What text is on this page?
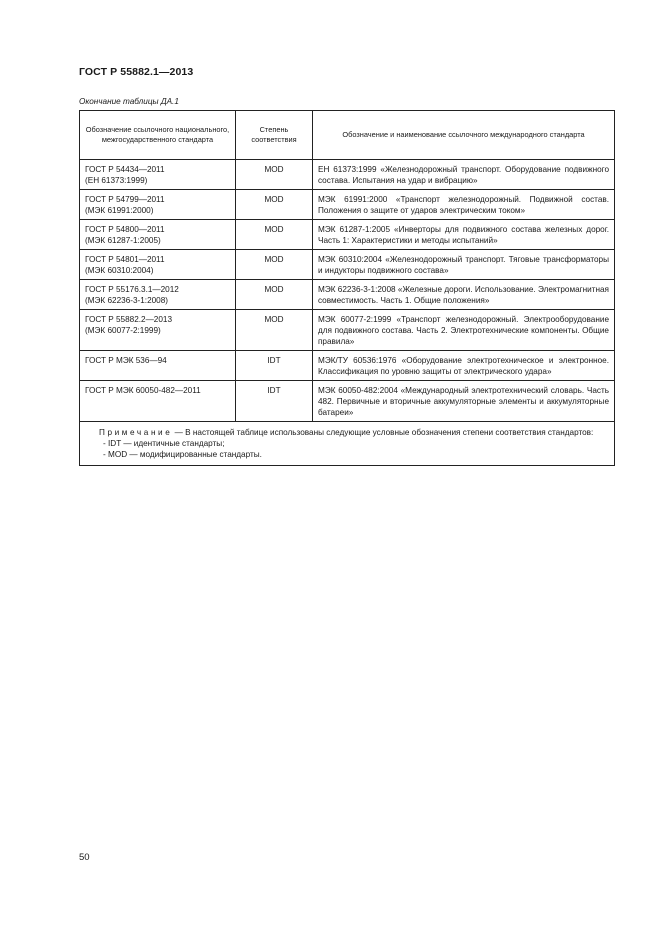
ГОСТ Р 55882.1—2013
Окончание таблицы ДА.1
Обозначение ссылочного национального, межгосударственного стандарта	Степень соответствия	Обозначение и наименование ссылочного международного стандарта
ГОСТ Р 54434—2011
(ЕН 61373:1999)	MOD	ЕН 61373:1999 «Железнодорожный транспорт. Оборудование подвижного состава. Испытания на удар и вибрацию»
ГОСТ Р 54799—2011
(МЭК 61991:2000)	MOD	МЭК 61991:2000 «Транспорт железнодорожный. Подвижной состав. Положения о защите от ударов электрическим током»
ГОСТ Р 54800—2011
(МЭК 61287-1:2005)	MOD	МЭК 61287-1:2005 «Инверторы для подвижного состава железных дорог. Часть 1: Характеристики и методы испытаний»
ГОСТ Р 54801—2011
(МЭК 60310:2004)	MOD	МЭК 60310:2004 «Железнодорожный транспорт. Тяговые трансформаторы и индукторы подвижного состава»
ГОСТ Р 55176.3.1—2012
(МЭК 62236-3-1:2008)	MOD	МЭК 62236-3-1:2008 «Железные дороги. Использование. Электромагнитная совместимость. Часть 1. Общие положения»
ГОСТ Р 55882.2—2013
(МЭК 60077-2:1999)	MOD	МЭК 60077-2:1999 «Транспорт железнодорожный. Электрооборудование для подвижного состава. Часть 2. Электротехнические компоненты. Общие правила»
ГОСТ Р МЭК 536—94	IDT	МЭК/ТУ 60536:1976 «Оборудование электротехническое и электронное. Классификация по уровню защиты от электрического удара»
ГОСТ Р МЭК 60050-482—2011	IDT	МЭК 60050-482:2004 «Международный электротехнический словарь. Часть 482. Первичные и вторичные аккумуляторные элементы и аккумуляторные батареи»

Примечание — В настоящей таблице использованы следующие условные обозначения степени соответствия стандартов:
- IDT — идентичные стандарты;
- MOD — модифицированные стандарты.		
50
